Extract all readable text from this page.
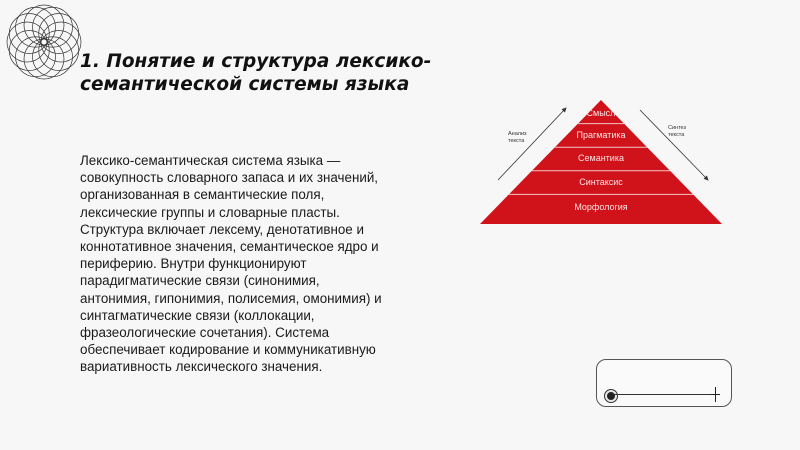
1. Понятие и структура лексико-
семантической системы языка
Лексико-семантическая система языка —
совокупность словарного запаса и их значений,
организованная в семантические поля,
лексические группы и словарные пласты.
Структура включает лексему, денотативное и
коннотативное значения, семантическое ядро и
периферию. Внутри функционируют
парадигматические связи (синонимия,
антонимия, гипонимия, полисемия, омонимия) и
синтагматические связи (коллокации,
фразеологические сочетания). Система
обеспечивает кодирование и коммуникативную
вариативность лексического значения.
Смысл
Прагматика
Семантика
Синтаксис
Морфология
Анализ
текста
Синтез
текста
